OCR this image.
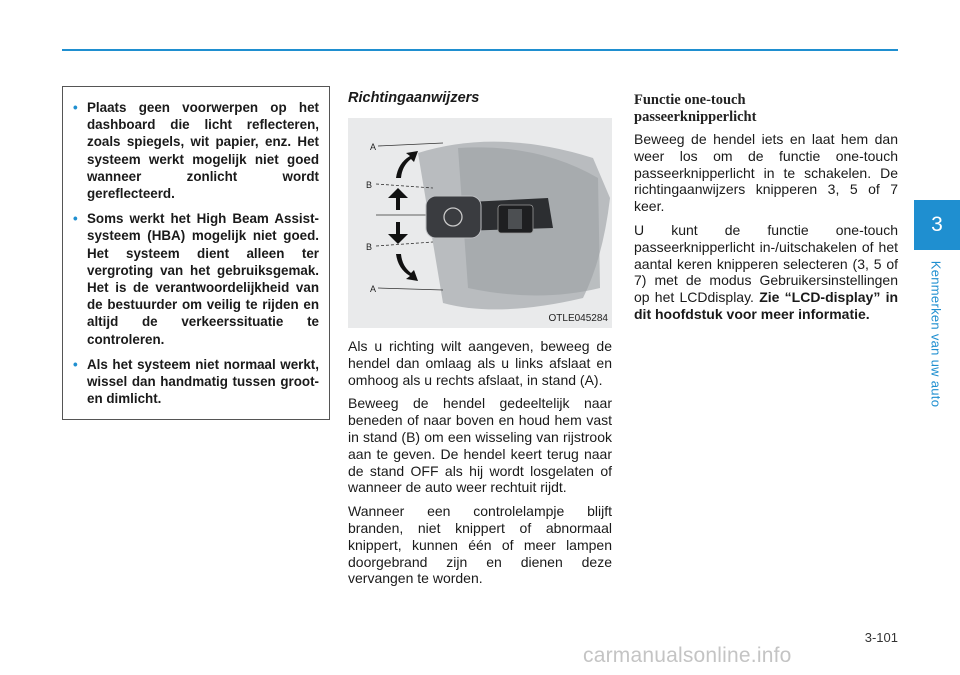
3
Kenmerken van uw auto
• Plaats geen voorwerpen op het dashboard die licht reflecteren, zoals spiegels, wit papier, enz. Het systeem werkt mogelijk niet goed wanneer zonlicht wordt gereflecteerd.
• Soms werkt het High Beam Assist-systeem (HBA) mogelijk niet goed. Het systeem dient alleen ter vergroting van het gebruiksgemak. Het is de verantwoordelijkheid van de bestuurder om veilig te rijden en altijd de verkeerssituatie te controleren.
• Als het systeem niet normaal werkt, wissel dan handmatig tussen groot- en dimlicht.
Richtingaanwijzers
A
B
B
A
OTLE045284

Als u richting wilt aangeven, beweeg de hendel dan omlaag als u links afslaat en omhoog als u rechts afslaat, in stand (A).

Beweeg de hendel gedeeltelijk naar beneden of naar boven en houd hem vast in stand (B) om een wisseling van rijstrook aan te geven. De hendel keert terug naar de stand OFF als hij wordt losgelaten of wanneer de auto weer rechtuit rijdt.

Wanneer een controlelampje blijft branden, niet knippert of abnormaal knippert, kunnen één of meer lampen doorgebrand zijn en dienen deze vervangen te worden.

Functie one-touch
passeerknipperlicht

Beweeg de hendel iets en laat hem dan weer los om de functie one-touch passeerknipperlicht in te schakelen. De richtingaanwijzers knipperen 3, 5 of 7 keer.

U kunt de functie one-touch passeerknipperlicht in-/uitschakelen of het aantal keren knipperen selecteren (3, 5 of 7) met de modus Gebruikersinstellingen op het LCDdisplay. Zie “LCD-display” in dit hoofdstuk voor meer informatie.

3-101
carmanualsonline.info
